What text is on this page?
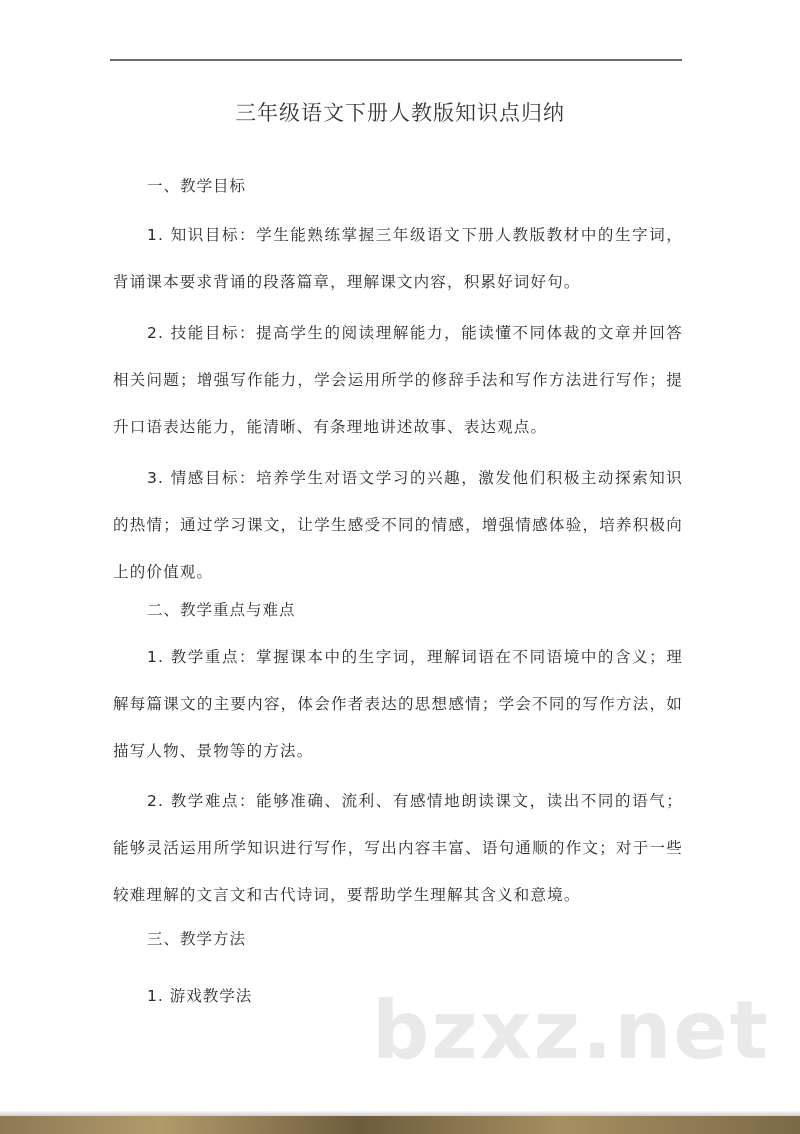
三年级语文下册人教版知识点归纳
一、教学目标
1. 知识目标：学生能熟练掌握三年级语文下册人教版教材中的生字词，背诵课本要求背诵的段落篇章，理解课文内容，积累好词好句。
2. 技能目标：提高学生的阅读理解能力，能读懂不同体裁的文章并回答相关问题；增强写作能力，学会运用所学的修辞手法和写作方法进行写作；提升口语表达能力，能清晰、有条理地讲述故事、表达观点。
3. 情感目标：培养学生对语文学习的兴趣，激发他们积极主动探索知识的热情；通过学习课文，让学生感受不同的情感，增强情感体验，培养积极向上的价值观。
二、教学重点与难点
1. 教学重点：掌握课本中的生字词，理解词语在不同语境中的含义；理解每篇课文的主要内容，体会作者表达的思想感情；学会不同的写作方法，如描写人物、景物等的方法。
2. 教学难点：能够准确、流利、有感情地朗读课文，读出不同的语气；能够灵活运用所学知识进行写作，写出内容丰富、语句通顺的作文；对于一些较难理解的文言文和古代诗词，要帮助学生理解其含义和意境。
三、教学方法
1. 游戏教学法 bzxz.net
